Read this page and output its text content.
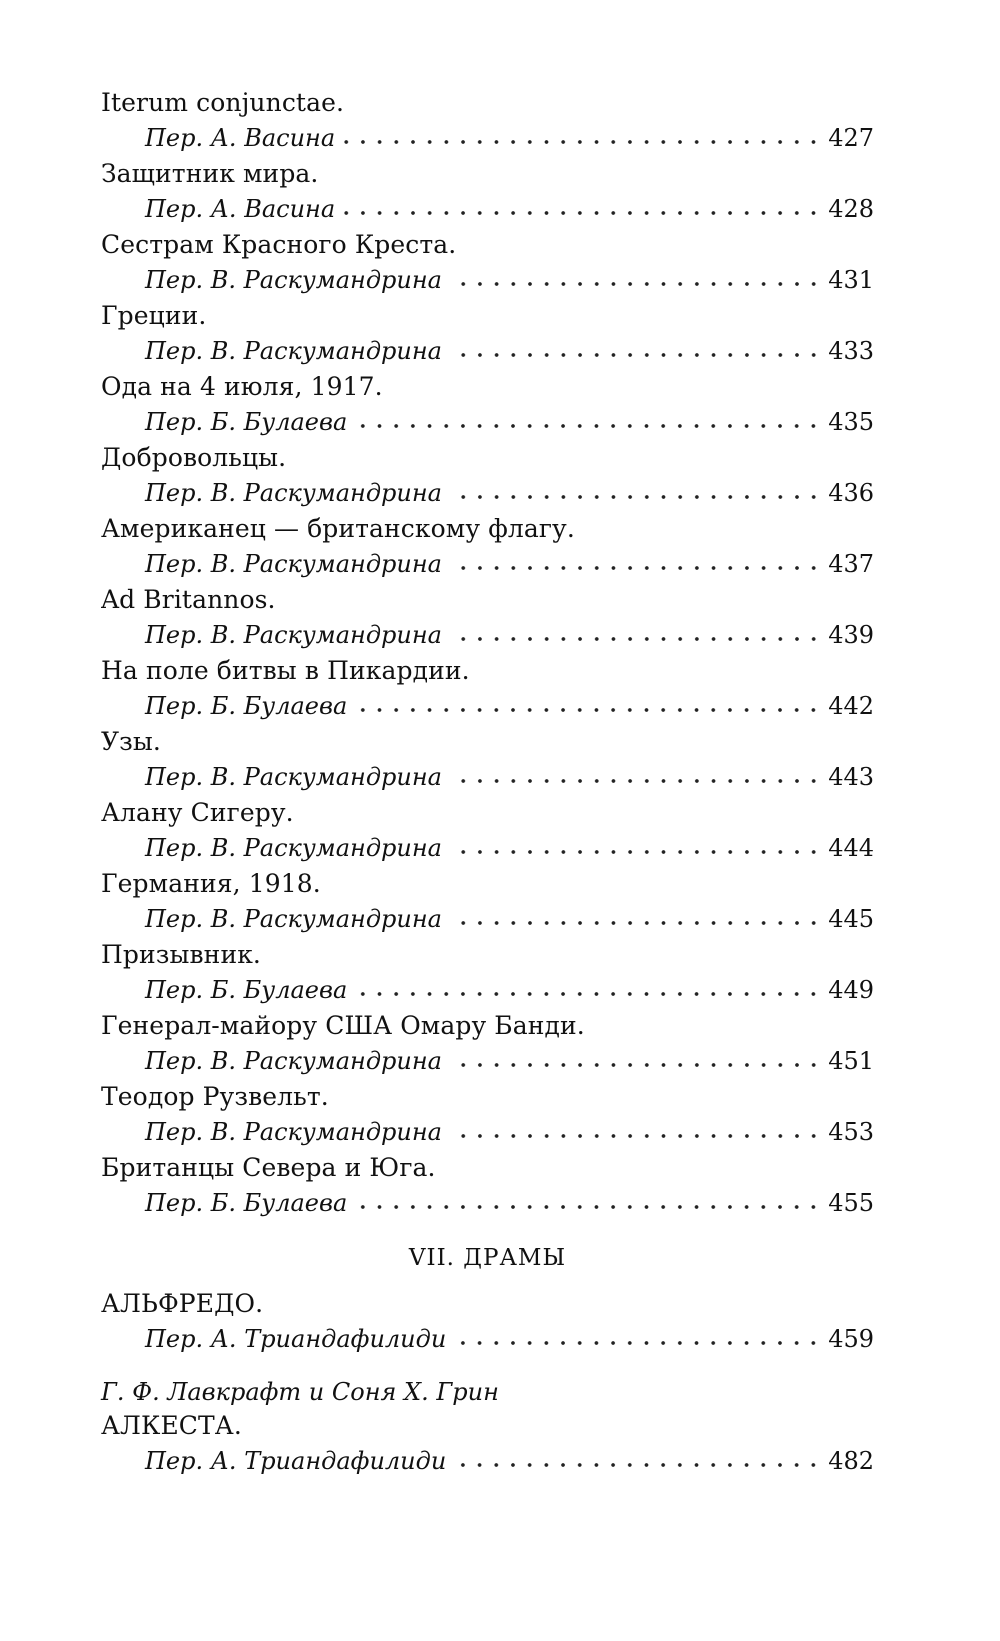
Iterum conjunctae.
Пер. А. Васина	427
Защитник мира.
Пер. А. Васина	428
Сестрам Красного Креста.
Пер. В. Раскумандрина	431
Греции.
Пер. В. Раскумандрина	433
Ода на 4 июля, 1917.
Пер. Б. Булаева	435
Добровольцы.
Пер. В. Раскумандрина	436
Американец — британскому флагу.
Пер. В. Раскумандрина	437
Ad Britannos.
Пер. В. Раскумандрина	439
На поле битвы в Пикардии.
Пер. Б. Булаева	442
Узы.
Пер. В. Раскумандрина	443
Алану Сигеру.
Пер. В. Раскумандрина	444
Германия, 1918.
Пер. В. Раскумандрина	445
Призывник.
Пер. Б. Булаева	449
Генерал-майору США Омару Банди.
Пер. В. Раскумандрина	451
Теодор Рузвельт.
Пер. В. Раскумандрина	453
Британцы Севера и Юга.
Пер. Б. Булаева	455
VII. ДРАМЫ
АЛЬФРЕДО.
Пер. А. Триандафилиди	459
Г. Ф. Лавкрафт и Соня Х. Грин
АЛКЕСТА.
Пер. А. Триандафилиди	482
